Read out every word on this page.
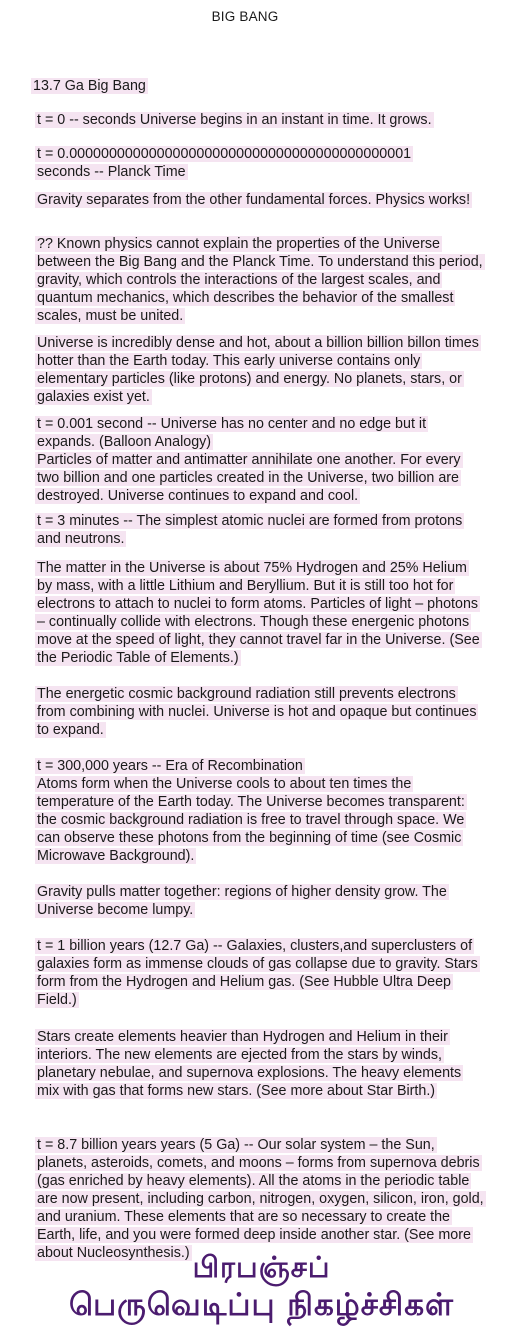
BIG BANG

13.7 Ga Big Bang

t = 0 -- seconds Universe begins in an instant in time. It grows.

t = 0.0000000000000000000000000000000000000000001
seconds -- Planck Time

Gravity separates from the other fundamental forces. Physics works!

?? Known physics cannot explain the properties of the Universe between the Big Bang and the Planck Time. To understand this period, gravity, which controls the interactions of the largest scales, and quantum mechanics, which describes the behavior of the smallest scales, must be united.

Universe is incredibly dense and hot, about a billion billion billon times hotter than the Earth today. This early universe contains only elementary particles (like protons) and energy. No planets, stars, or galaxies exist yet.

t = 0.001 second -- Universe has no center and no edge but it expands. (Balloon Analogy)
Particles of matter and antimatter annihilate one another. For every two billion and one particles created in the Universe, two billion are destroyed. Universe continues to expand and cool.

t = 3 minutes -- The simplest atomic nuclei are formed from protons and neutrons.

The matter in the Universe is about 75% Hydrogen and 25% Helium by mass, with a little Lithium and Beryllium. But it is still too hot for electrons to attach to nuclei to form atoms. Particles of light – photons – continually collide with electrons. Though these energenic photons move at the speed of light, they cannot travel far in the Universe. (See the Periodic Table of Elements.)

The energetic cosmic background radiation still prevents electrons from combining with nuclei. Universe is hot and opaque but continues to expand.

t = 300,000 years -- Era of Recombination
Atoms form when the Universe cools to about ten times the temperature of the Earth today. The Universe becomes transparent: the cosmic background radiation is free to travel through space. We can observe these photons from the beginning of time (see Cosmic Microwave Background).

Gravity pulls matter together: regions of higher density grow. The Universe become lumpy.

t = 1 billion years (12.7 Ga) -- Galaxies, clusters,and superclusters of galaxies form as immense clouds of gas collapse due to gravity. Stars form from the Hydrogen and Helium gas. (See Hubble Ultra Deep Field.)

Stars create elements heavier than Hydrogen and Helium in their interiors. The new elements are ejected from the stars by winds, planetary nebulae, and supernova explosions. The heavy elements mix with gas that forms new stars. (See more about Star Birth.)

t = 8.7 billion years years (5 Ga) -- Our solar system – the Sun, planets, asteroids, comets, and moons – forms from supernova debris (gas enriched by heavy elements). All the atoms in the periodic table are now present, including carbon, nitrogen, oxygen, silicon, iron, gold, and uranium. These elements that are so necessary to create the Earth, life, and you were formed deep inside another star. (See more about Nucleosynthesis.) பிரபஞ்சப்
பெருவெடிப்பு நிகழ்ச்சிகள்
